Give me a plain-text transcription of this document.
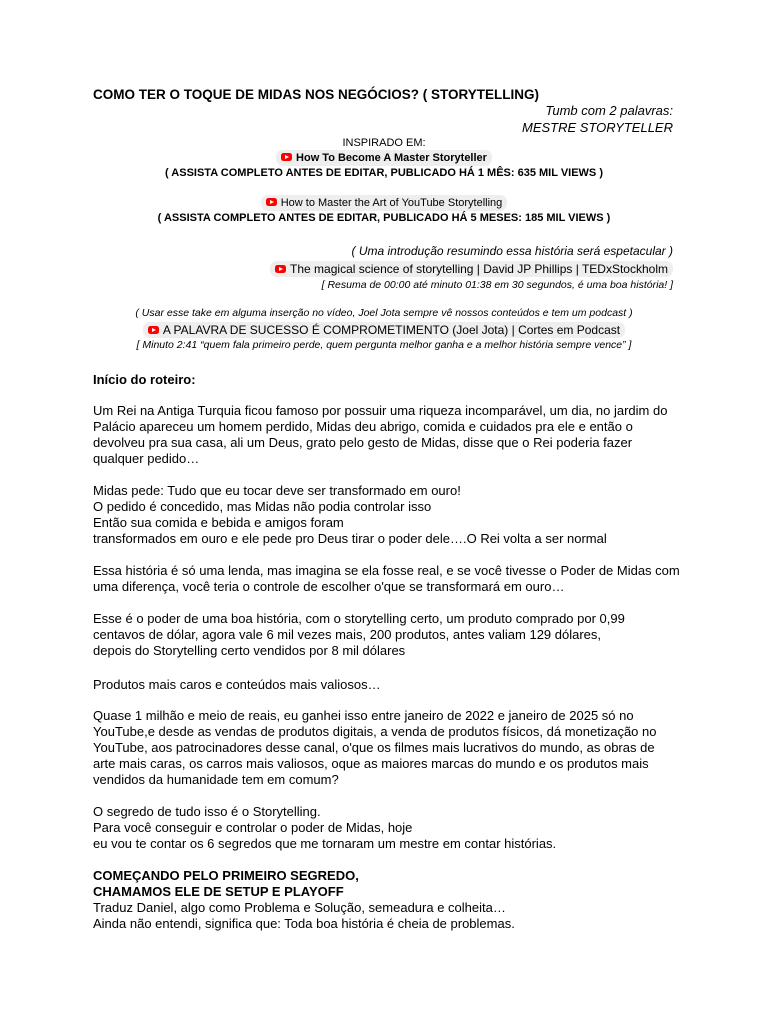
COMO TER O TOQUE DE MIDAS NOS NEGÓCIOS? ( STORYTELLING)
Tumb com 2 palavras:
MESTRE STORYTELLER
INSPIRADO EM:
How To Become A Master Storyteller
( ASSISTA COMPLETO ANTES DE EDITAR, PUBLICADO HÁ 1 MÊS: 635 MIL VIEWS )
How to Master the Art of YouTube Storytelling
( ASSISTA COMPLETO ANTES DE EDITAR, PUBLICADO HÁ 5 MESES: 185 MIL VIEWS )
( Uma introdução resumindo essa história será espetacular )
The magical science of storytelling | David JP Phillips | TEDxStockholm
[ Resuma de 00:00 até minuto 01:38 em 30 segundos, é uma boa história! ]
( Usar esse take em alguma inserção no vídeo, Joel Jota sempre vê nossos conteúdos e tem um podcast )
A PALAVRA DE SUCESSO É COMPROMETIMENTO (Joel Jota) | Cortes em Podcast
[ Minuto 2:41 “quem fala primeiro perde, quem pergunta melhor ganha e a melhor história sempre vence” ]
Início do roteiro:
Um Rei na Antiga Turquia ficou famoso por possuir uma riqueza incomparável, um dia, no jardim do
Palácio apareceu um homem perdido, Midas deu abrigo, comida e cuidados pra ele e então o
devolveu pra sua casa, ali um Deus, grato pelo gesto de Midas, disse que o Rei poderia fazer
qualquer pedido…
Midas pede: Tudo que eu tocar deve ser transformado em ouro!
O pedido é concedido, mas Midas não podia controlar isso
Então sua comida e bebida e amigos foram
transformados em ouro e ele pede pro Deus tirar o poder dele….O Rei volta a ser normal
Essa história é só uma lenda, mas imagina se ela fosse real, e se você tivesse o Poder de Midas com
uma diferença, você teria o controle de escolher o'que se transformará em ouro…
Esse é o poder de uma boa história, com o storytelling certo, um produto comprado por 0,99
centavos de dólar, agora vale 6 mil vezes mais, 200 produtos, antes valiam 129 dólares,
depois do Storytelling certo vendidos por 8 mil dólares
Produtos mais caros e conteúdos mais valiosos…
Quase 1 milhão e meio de reais, eu ganhei isso entre janeiro de 2022 e janeiro de 2025 só no
YouTube,e desde as vendas de produtos digitais, a venda de produtos físicos, dá monetização no
YouTube, aos patrocinadores desse canal, o'que os filmes mais lucrativos do mundo, as obras de
arte mais caras, os carros mais valiosos, oque as maiores marcas do mundo e os produtos mais
vendidos da humanidade tem em comum?
O segredo de tudo isso é o Storytelling.
Para você conseguir e controlar o poder de Midas, hoje
eu vou te contar os 6 segredos que me tornaram um mestre em contar histórias.
COMEÇANDO PELO PRIMEIRO SEGREDO,
CHAMAMOS ELE DE SETUP E PLAYOFF
Traduz Daniel, algo como Problema e Solução, semeadura e colheita…
Ainda não entendi, significa que: Toda boa história é cheia de problemas.
